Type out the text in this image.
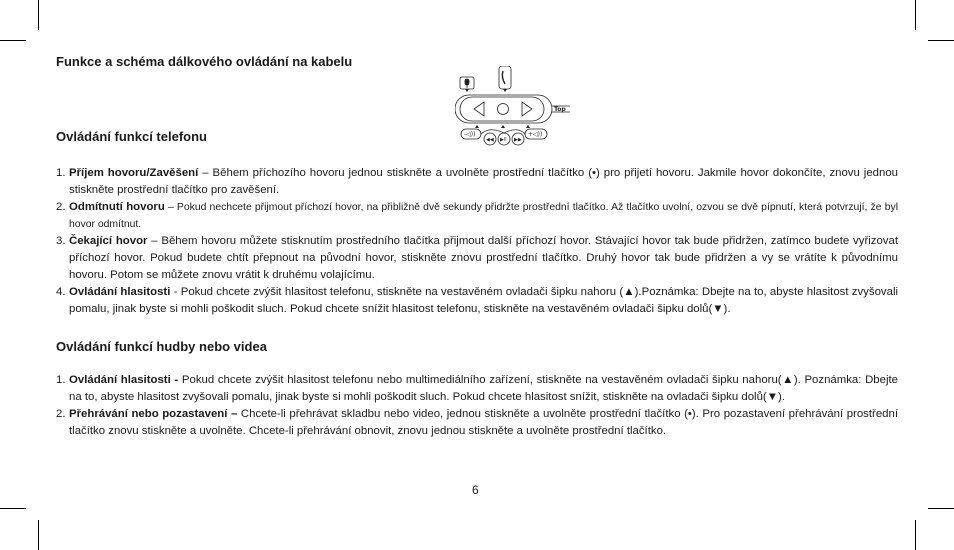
Funkce a schéma dálkového ovládání na kabelu
-◁))	+◁))
◀◀ ▶ll ▶▶
Top
Ovládání funkcí telefonu
1. Příjem hovoru/Zavěšení – Během příchozího hovoru jednou stiskněte a uvolněte prostřední tlačítko (•) pro přijetí hovoru. Jakmile hovor dokončíte, znovu jednou stiskněte prostřední tlačítko pro zavěšení.
2. Odmítnutí hovoru – Pokud nechcete přijmout příchozí hovor, na přibližně dvě sekundy přidržte prostřední tlačítko. Až tlačítko uvolní, ozvou se dvě pípnutí, která potvrzují, že byl hovor odmítnut.
3. Čekající hovor – Během hovoru můžete stisknutím prostředního tlačítka přijmout další příchozí hovor. Stávající hovor tak bude přidržen, zatímco budete vyřizovat příchozí hovor. Pokud budete chtít přepnout na původní hovor, stiskněte znovu prostřední tlačítko. Druhý hovor tak bude přidržen a vy se vrátíte k původnímu hovoru. Potom se můžete znovu vrátit k druhému volajícímu.
4. Ovládání hlasitosti - Pokud chcete zvýšit hlasitost telefonu, stiskněte na vestavěném ovladači šipku nahoru (▲).Poznámka: Dbejte na to, abyste hlasitost zvyšovali pomalu, jinak byste si mohli poškodit sluch. Pokud chcete snížit hlasitost telefonu, stiskněte na vestavěném ovladači šipku dolů(▼).
Ovládání funkcí hudby nebo videa
1. Ovládání hlasitosti - Pokud chcete zvýšit hlasitost telefonu nebo multimediálního zařízení, stiskněte na vestavěném ovladači šipku nahoru(▲). Poznámka: Dbejte na to, abyste hlasitost zvyšovali pomalu, jinak byste si mohli poškodit sluch. Pokud chcete hlasitost snížit, stiskněte na ovladači šipku dolů(▼).
2. Přehrávání nebo pozastavení – Chcete-li přehrávat skladbu nebo video, jednou stiskněte a uvolněte prostřední tlačítko (•). Pro pozastavení přehrávání prostřední tlačítko znovu stiskněte a uvolněte. Chcete-li přehrávání obnovit, znovu jednou stiskněte a uvolněte prostřední tlačítko.
6
